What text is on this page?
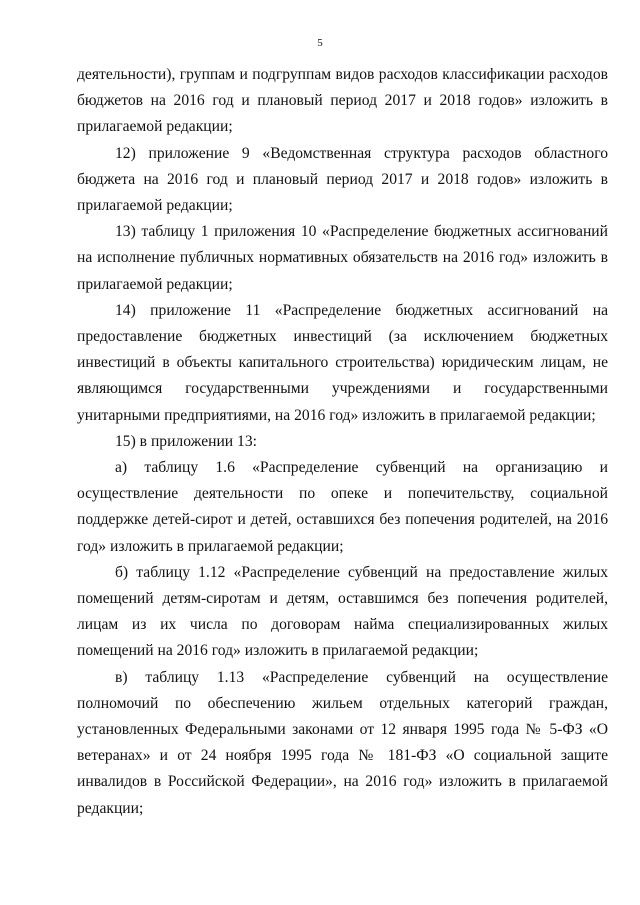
5

деятельности), группам и подгруппам видов расходов классификации расходов бюджетов на 2016 год и плановый период 2017 и 2018 годов» изложить в прилагаемой редакции;

12) приложение 9 «Ведомственная структура расходов областного бюджета на 2016 год и плановый период 2017 и 2018 годов» изложить в прилагаемой редакции;

13) таблицу 1 приложения 10 «Распределение бюджетных ассигнований на исполнение публичных нормативных обязательств на 2016 год» изложить в прилагаемой редакции;

14) приложение 11 «Распределение бюджетных ассигнований на предоставление бюджетных инвестиций (за исключением бюджетных инвестиций в объекты капитального строительства) юридическим лицам, не являющимся государственными учреждениями и государственными унитарными предприятиями, на 2016 год» изложить в прилагаемой редакции;

15) в приложении 13:

а) таблицу 1.6 «Распределение субвенций на организацию и осуществление деятельности по опеке и попечительству, социальной поддержке детей-сирот и детей, оставшихся без попечения родителей, на 2016 год» изложить в прилагаемой редакции;

б) таблицу 1.12 «Распределение субвенций на предоставление жилых помещений детям-сиротам и детям, оставшимся без попечения родителей, лицам из их числа по договорам найма специализированных жилых помещений на 2016 год» изложить в прилагаемой редакции;

в) таблицу 1.13 «Распределение субвенций на осуществление полномочий по обеспечению жильем отдельных категорий граждан, установленных Федеральными законами от 12 января 1995 года № 5-ФЗ «О ветеранах» и от 24 ноября 1995 года № 181-ФЗ «О социальной защите инвалидов в Российской Федерации», на 2016 год» изложить в прилагаемой редакции;
